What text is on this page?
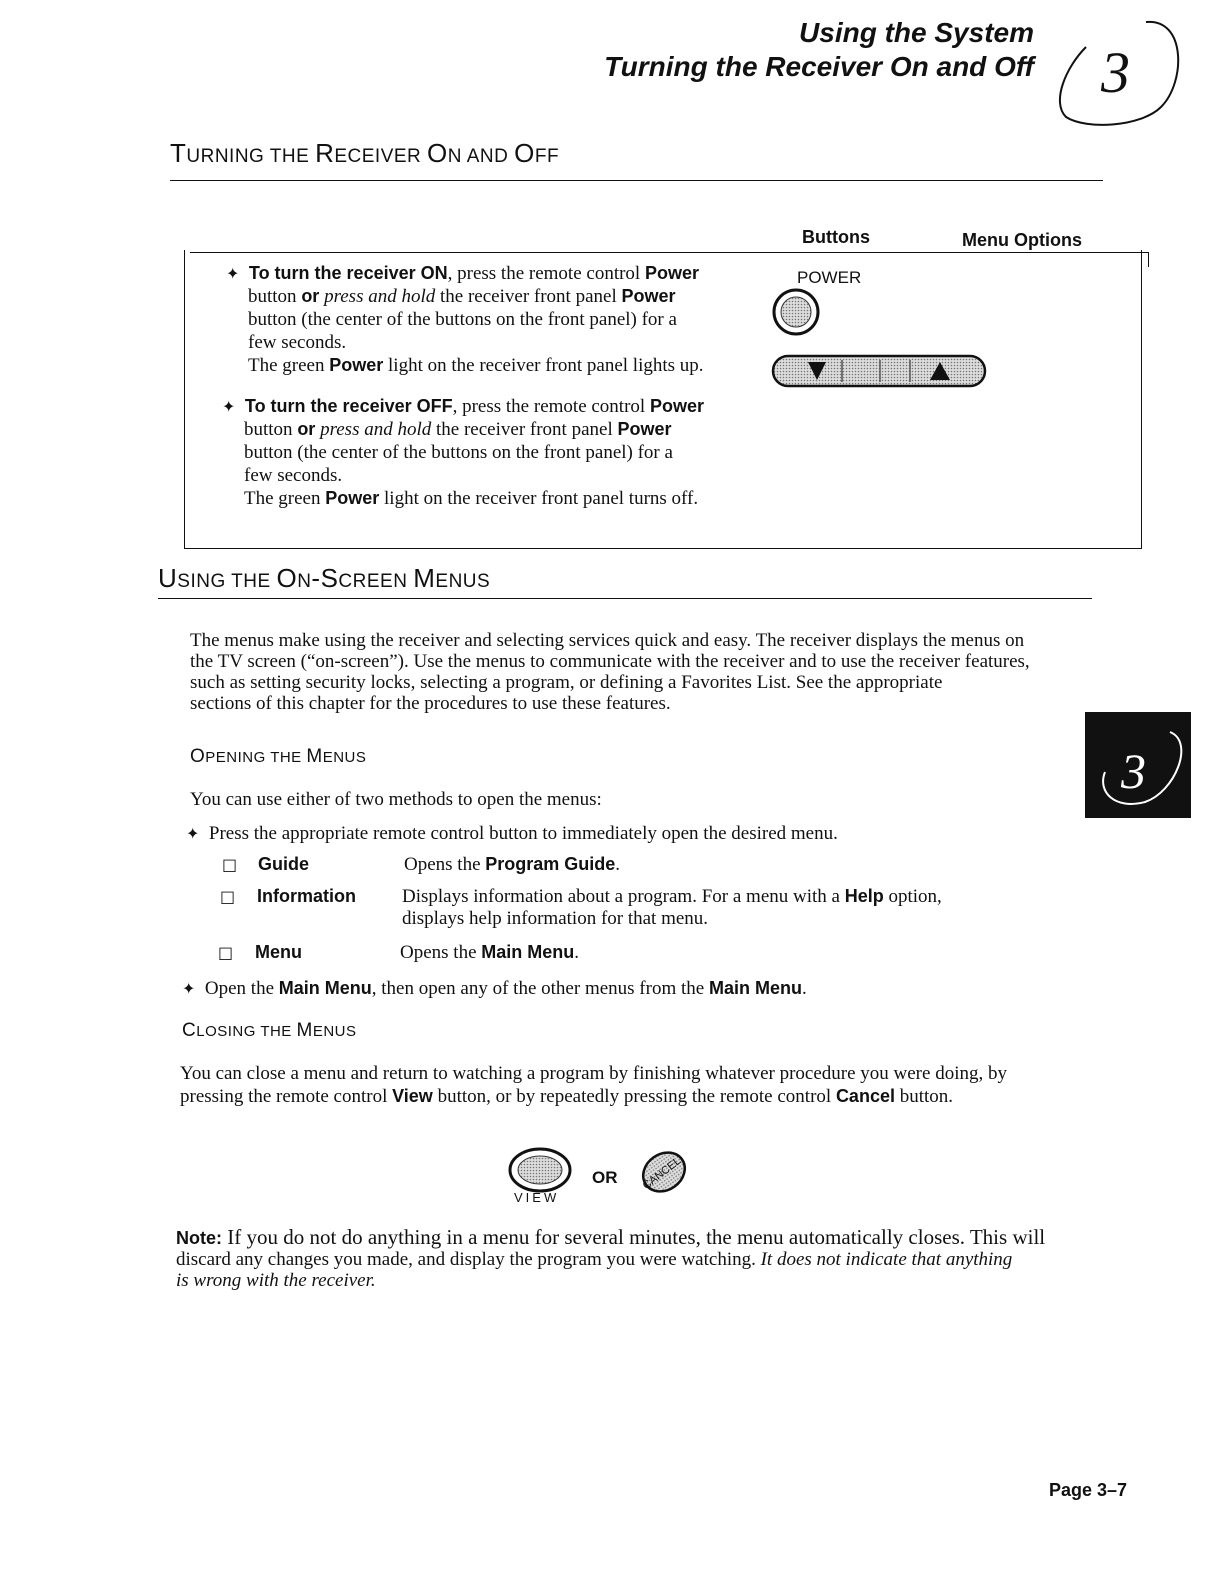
Using the System
Turning the Receiver On and Off 3
TURNING THE RECEIVER ON AND OFF
Buttons	Menu Options
✦ To turn the receiver ON, press the remote control Power
button or press and hold the receiver front panel Power
button (the center of the buttons on the front panel) for a
few seconds.
The green Power light on the receiver front panel lights up.
✦ To turn the receiver OFF, press the remote control Power
button or press and hold the receiver front panel Power
button (the center of the buttons on the front panel) for a
few seconds.
The green Power light on the receiver front panel turns off.
POWER
USING THE ON-SCREEN MENUS
The menus make using the receiver and selecting services quick and easy. The receiver displays the menus on
the TV screen (“on-screen”). Use the menus to communicate with the receiver and to use the receiver features,
such as setting security locks, selecting a program, or defining a Favorites List. See the appropriate
sections of this chapter for the procedures to use these features.
3
OPENING THE MENUS
You can use either of two methods to open the menus:
✦ Press the appropriate remote control button to immediately open the desired menu.
□ Guide	Opens the Program Guide.
□ Information Displays information about a program. For a menu with a Help option,
displays help information for that menu.
□ Menu	Opens the Main Menu.
✦ Open the Main Menu, then open any of the other menus from the Main Menu.
CLOSING THE MENUS
You can close a menu and return to watching a program by finishing whatever procedure you were doing, by
pressing the remote control View button, or by repeatedly pressing the remote control Cancel button.
VIEW
OR CANCEL
Note: If you do not do anything in a menu for several minutes, the menu automatically closes. This will
discard any changes you made, and display the program you were watching. It does not indicate that anything
is wrong with the receiver.
Page 3–7
